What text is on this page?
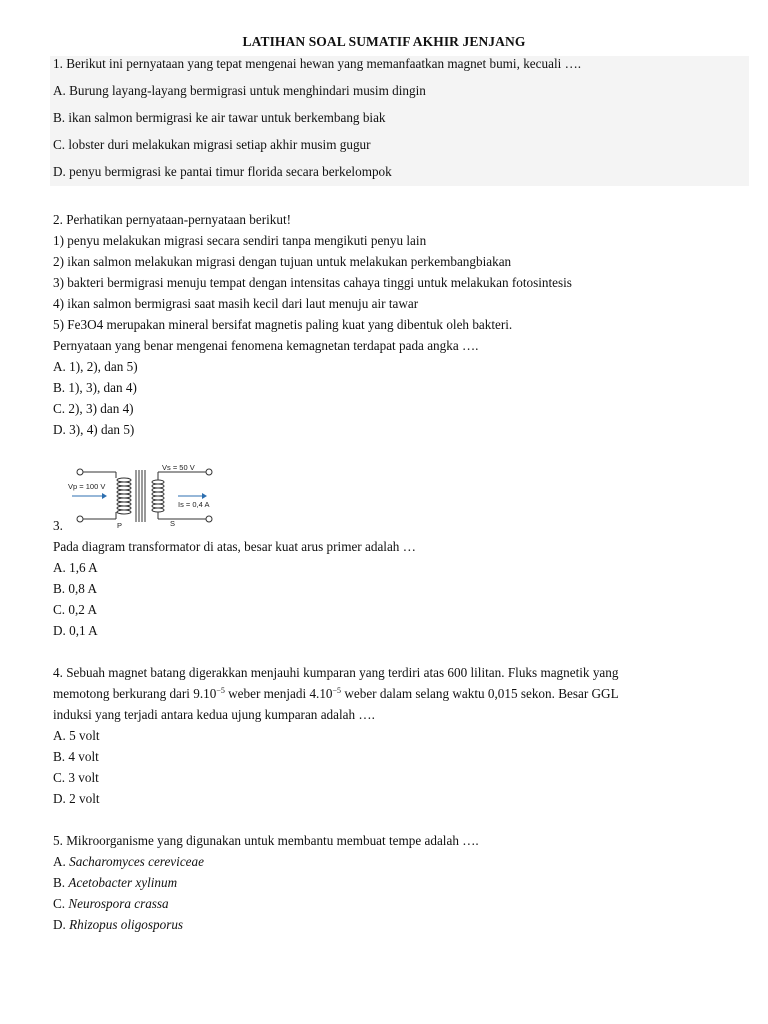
LATIHAN SOAL SUMATIF AKHIR JENJANG
1. Berikut ini pernyataan yang tepat mengenai hewan yang memanfaatkan magnet bumi, kecuali ….
A. Burung layang-layang bermigrasi untuk menghindari musim dingin
B. ikan salmon bermigrasi ke air tawar untuk berkembang biak
C. lobster duri melakukan migrasi setiap akhir musim gugur
D. penyu bermigrasi ke pantai timur florida secara berkelompok
2. Perhatikan pernyataan-pernyataan berikut!
1) penyu melakukan migrasi secara sendiri tanpa mengikuti penyu lain
2) ikan salmon melakukan migrasi dengan tujuan untuk melakukan perkembangbiakan
3) bakteri bermigrasi menuju tempat dengan intensitas cahaya tinggi untuk melakukan fotosintesis
4) ikan salmon bermigrasi saat masih kecil dari laut menuju air tawar
5) Fe3O4 merupakan mineral bersifat magnetis paling kuat yang dibentuk oleh bakteri.
Pernyataan yang benar mengenai fenomena kemagnetan terdapat pada angka ….
A. 1), 2), dan 5)
B. 1), 3), dan 4)
C. 2), 3) dan 4)
D. 3), 4) dan 5)
Vs = 50 V
Vp = 100 V
Is = 0,4 A
P	S
3.
Pada diagram transformator di atas, besar kuat arus primer adalah …
A. 1,6 A
B. 0,8 A
C. 0,2 A
D. 0,1 A
4. Sebuah magnet batang digerakkan menjauhi kumparan yang terdiri atas 600 lilitan. Fluks magnetik yang
memotong berkurang dari $9.10^{-5}$ weber menjadi $4.10^{-5}$ weber dalam selang waktu 0,015 sekon. Besar GGL
induksi yang terjadi antara kedua ujung kumparan adalah ….
A. 5 volt
B. 4 volt
C. 3 volt
D. 2 volt
5. Mikroorganisme yang digunakan untuk membantu membuat tempe adalah ….
A. Sacharomyces cereviceae
B. Acetobacter xylinum
C. Neurospora crassa
D. Rhizopus oligosporus
